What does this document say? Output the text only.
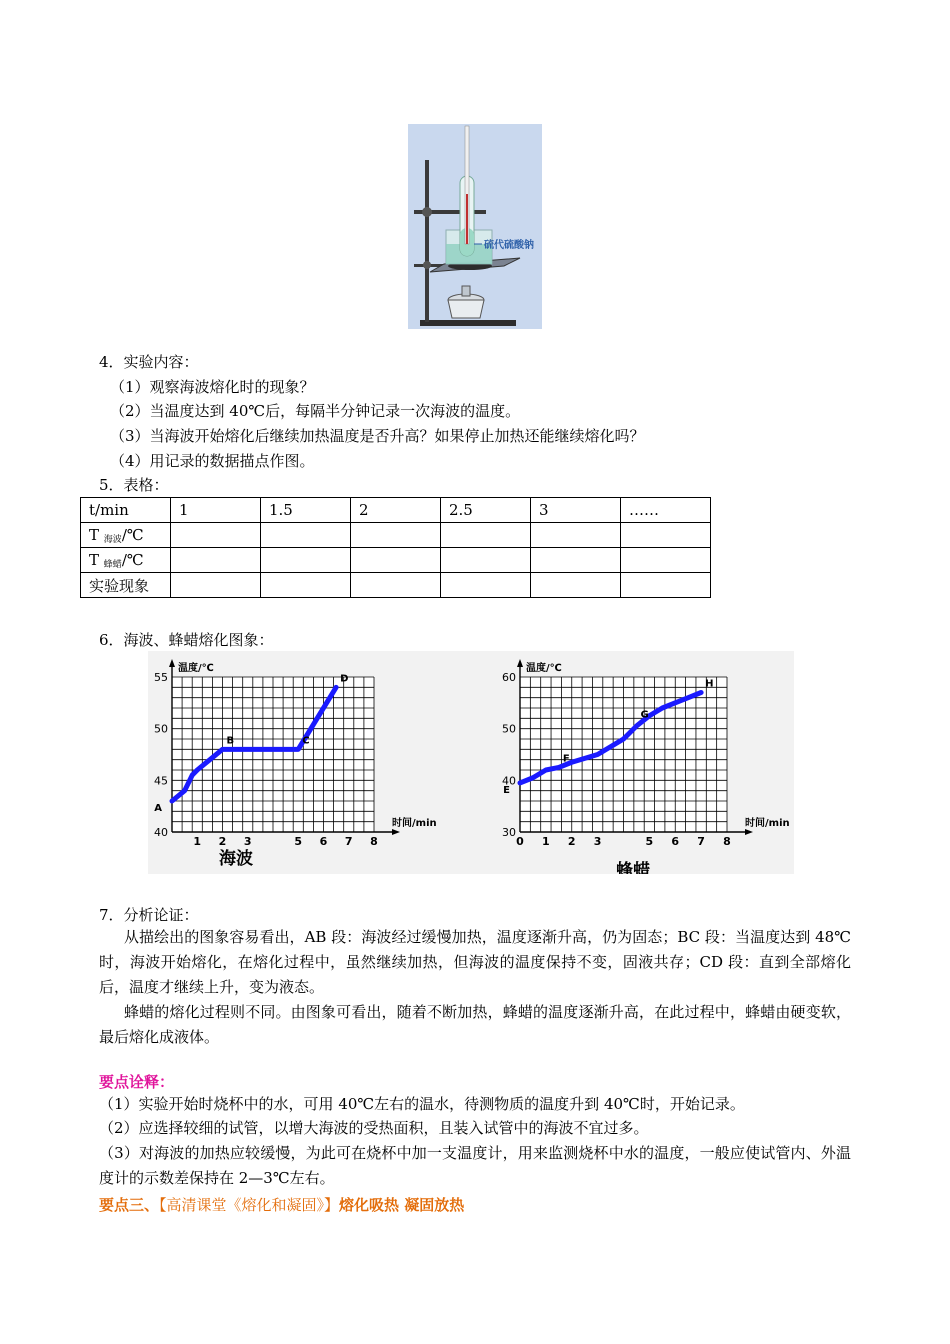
硫代硫酸钠
4．实验内容：
（1）观察海波熔化时的现象？
（2）当温度达到 40℃后，每隔半分钟记录一次海波的温度。
（3）当海波开始熔化后继续加热温度是否升高？如果停止加热还能继续熔化吗？
（4）用记录的数据描点作图。
5．表格：
t/min	1	1.5	2	2.5	3	……
T $_{海波}$/℃						
T $_{蜂蜡}$/℃						
实验现象						
6．海波、蜂蜡熔化图象：
40
45
50
55
1 2 3	5 6 7 8
温度/℃
时间/min
A
B	C
D
海波
30
40
50
60
0 1 2 3	5 6 7 8
温度/℃
时间/min
E
F
G
H
蜂蜡
7．分析论证：
从描绘出的图象容易看出，AB 段：海波经过缓慢加热，温度逐渐升高，仍为固态；BC 段：当温度达到 48℃时，海波开始熔化，在熔化过程中，虽然继续加热，但海波的温度保持不变，固液共存；CD 段：直到全部熔化后，温度才继续上升，变为液态。
蜂蜡的熔化过程则不同。由图象可看出，随着不断加热，蜂蜡的温度逐渐升高，在此过程中，蜂蜡由硬变软，最后熔化成液体。
要点诠释：
（1）实验开始时烧杯中的水，可用 40℃左右的温水，待测物质的温度升到 40℃时，开始记录。
（2）应选择较细的试管，以增大海波的受热面积，且装入试管中的海波不宜过多。
（3）对海波的加热应较缓慢，为此可在烧杯中加一支温度计，用来监测烧杯中水的温度，一般应使试管内、外温度计的示数差保持在 2—3℃左右。
要点三、【高清课堂《熔化和凝固》】熔化吸热 凝固放热
